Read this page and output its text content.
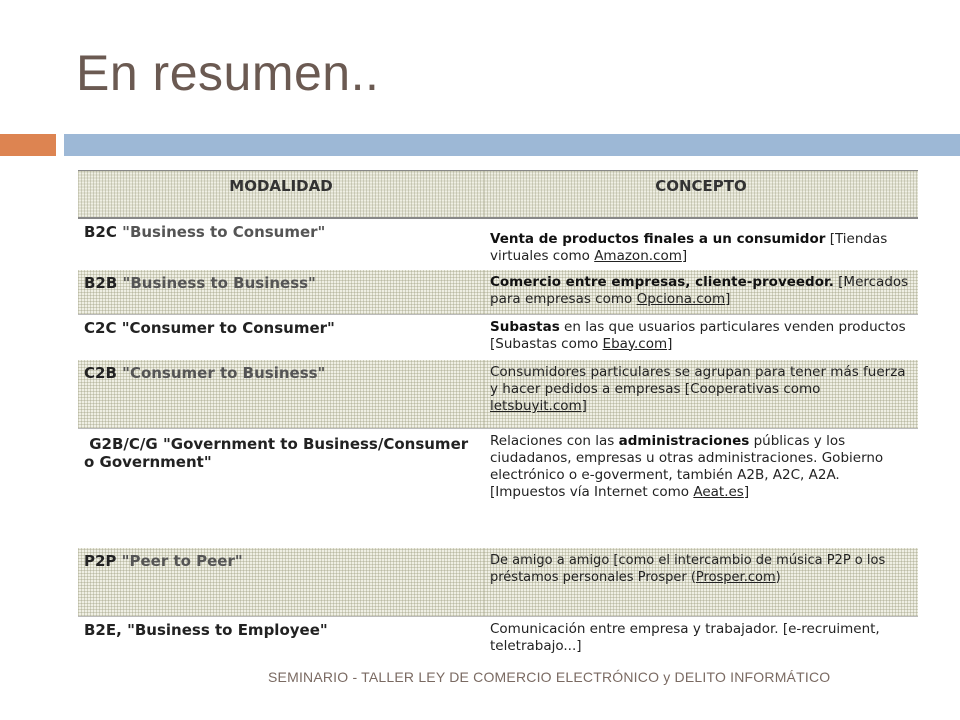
En resumen..
MODALIDAD	CONCEPTO
B2C "Business to Consumer"	Venta de productos finales a un consumidor [Tiendas virtuales como Amazon.com]
B2B "Business to Business"	Comercio entre empresas, cliente-proveedor. [Mercados para empresas como Opciona.com]
C2C "Consumer to Consumer"	Subastas en las que usuarios particulares venden productos [Subastas como Ebay.com]
C2B "Consumer to Business"	Consumidores particulares se agrupan para tener más fuerza y hacer pedidos a empresas [Cooperativas como letsbuyit.com]
G2B/C/G "Government to Business/Consumer o Government"	Relaciones con las administraciones públicas y los ciudadanos, empresas u otras administraciones. Gobierno electrónico o e-goverment, también A2B, A2C, A2A. [Impuestos vía Internet como Aeat.es]
P2P "Peer to Peer"	De amigo a amigo [como el intercambio de música P2P o los préstamos personales Prosper (Prosper.com)
B2E, "Business to Employee"	Comunicación entre empresa y trabajador. [e-recruiment, teletrabajo...]
SEMINARIO - TALLER LEY DE COMERCIO ELECTRÓNICO y DELITO INFORMÁTICO
